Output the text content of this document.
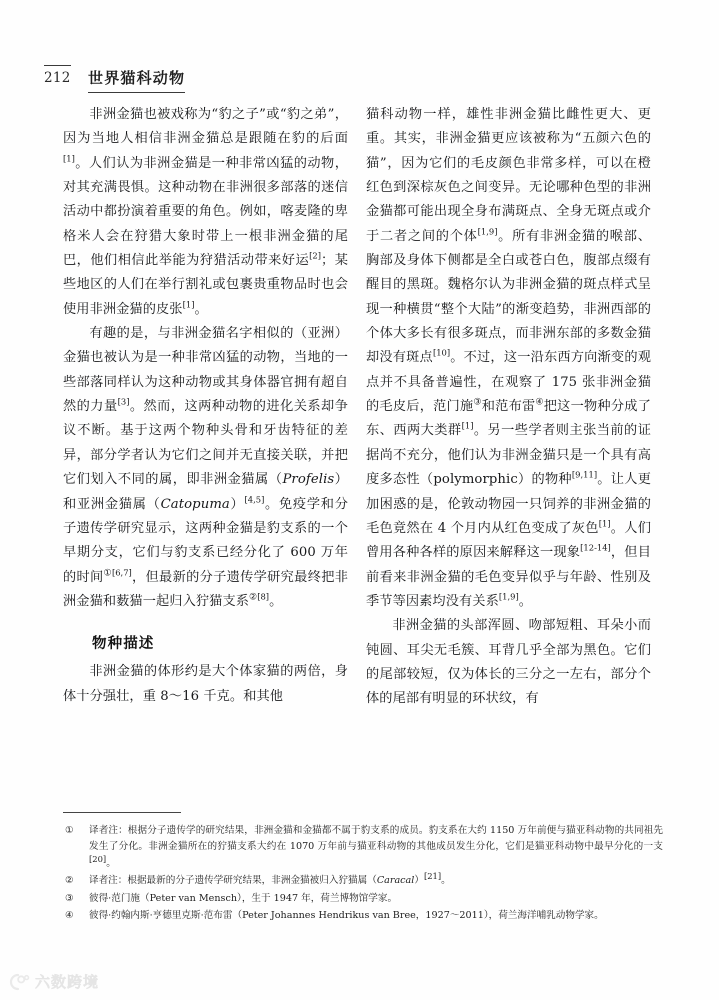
212 世界猫科动物

非洲金猫也被戏称为“豹之子”或“豹之弟”，因为当地人相信非洲金猫总是跟随在豹的后面[1]。人们认为非洲金猫是一种非常凶猛的动物，对其充满畏惧。这种动物在非洲很多部落的迷信活动中都扮演着重要的角色。例如，喀麦隆的卑格米人会在狩猎大象时带上一根非洲金猫的尾巴，他们相信此举能为狩猎活动带来好运[2]；某些地区的人们在举行割礼或包裹贵重物品时也会使用非洲金猫的皮张[1]。

有趣的是，与非洲金猫名字相似的（亚洲）金猫也被认为是一种非常凶猛的动物，当地的一些部落同样认为这种动物或其身体器官拥有超自然的力量[3]。然而，这两种动物的进化关系却争议不断。基于这两个物种头骨和牙齿特征的差异，部分学者认为它们之间并无直接关联，并把它们划入不同的属，即非洲金猫属（Profelis）和亚洲金猫属（Catopuma）[4,5]。免疫学和分子遗传学研究显示，这两种金猫是豹支系的一个早期分支，它们与豹支系已经分化了 600 万年的时间$^{①[6,7]}$，但最新的分子遗传学研究最终把非洲金猫和薮猫一起归入狞猫支系$^{②[8]}$。

物种描述

非洲金猫的体形约是大个体家猫的两倍，身体十分强壮，重 8～16 千克。和其他

猫科动物一样，雄性非洲金猫比雌性更大、更重。其实，非洲金猫更应该被称为“五颜六色的猫”，因为它们的毛皮颜色非常多样，可以在橙红色到深棕灰色之间变异。无论哪种色型的非洲金猫都可能出现全身布满斑点、全身无斑点或介于二者之间的个体[1,9]。所有非洲金猫的喉部、胸部及身体下侧都是全白或苍白色，腹部点缀有醒目的黑斑。魏格尔认为非洲金猫的斑点样式呈现一种横贯“整个大陆”的渐变趋势，非洲西部的个体大多长有很多斑点，而非洲东部的多数金猫却没有斑点[10]。不过，这一沿东西方向渐变的观点并不具备普遍性，在观察了 175 张非洲金猫的毛皮后，范门施③和范布雷④把这一物种分成了东、西两大类群[1]。另一些学者则主张当前的证据尚不充分，他们认为非洲金猫只是一个具有高度多态性（polymorphic）的物种[9,11]。让人更加困惑的是，伦敦动物园一只饲养的非洲金猫的毛色竟然在 4 个月内从红色变成了灰色[1]。人们曾用各种各样的原因来解释这一现象[12-14]，但目前看来非洲金猫的毛色变异似乎与年龄、性别及季节等因素均没有关系[1,9]。

非洲金猫的头部浑圆、吻部短粗、耳朵小而钝圆、耳尖无毛簇、耳背几乎全部为黑色。它们的尾部较短，仅为体长的三分之一左右，部分个体的尾部有明显的环状纹，有

①	译者注：根据分子遗传学的研究结果，非洲金猫和金猫都不属于豹支系的成员。豹支系在大约 1150 万年前便与猫亚科动物的共同祖先发生了分化。非洲金猫所在的狞猫支系大约在 1070 万年前与猫亚科动物的其他成员发生分化，它们是猫亚科动物中最早分化的一支[20]。
②	译者注：根据最新的分子遗传学研究结果，非洲金猫被归入狞猫属（Caracal）[21]。
③	彼得·范门施（Peter van Mensch），生于 1947 年，荷兰博物馆学家。
④	彼得·约翰内斯·亨德里克斯·范布雷（Peter Johannes Hendrikus van Bree，1927～2011），荷兰海洋哺乳动物学家。
六数跨境
